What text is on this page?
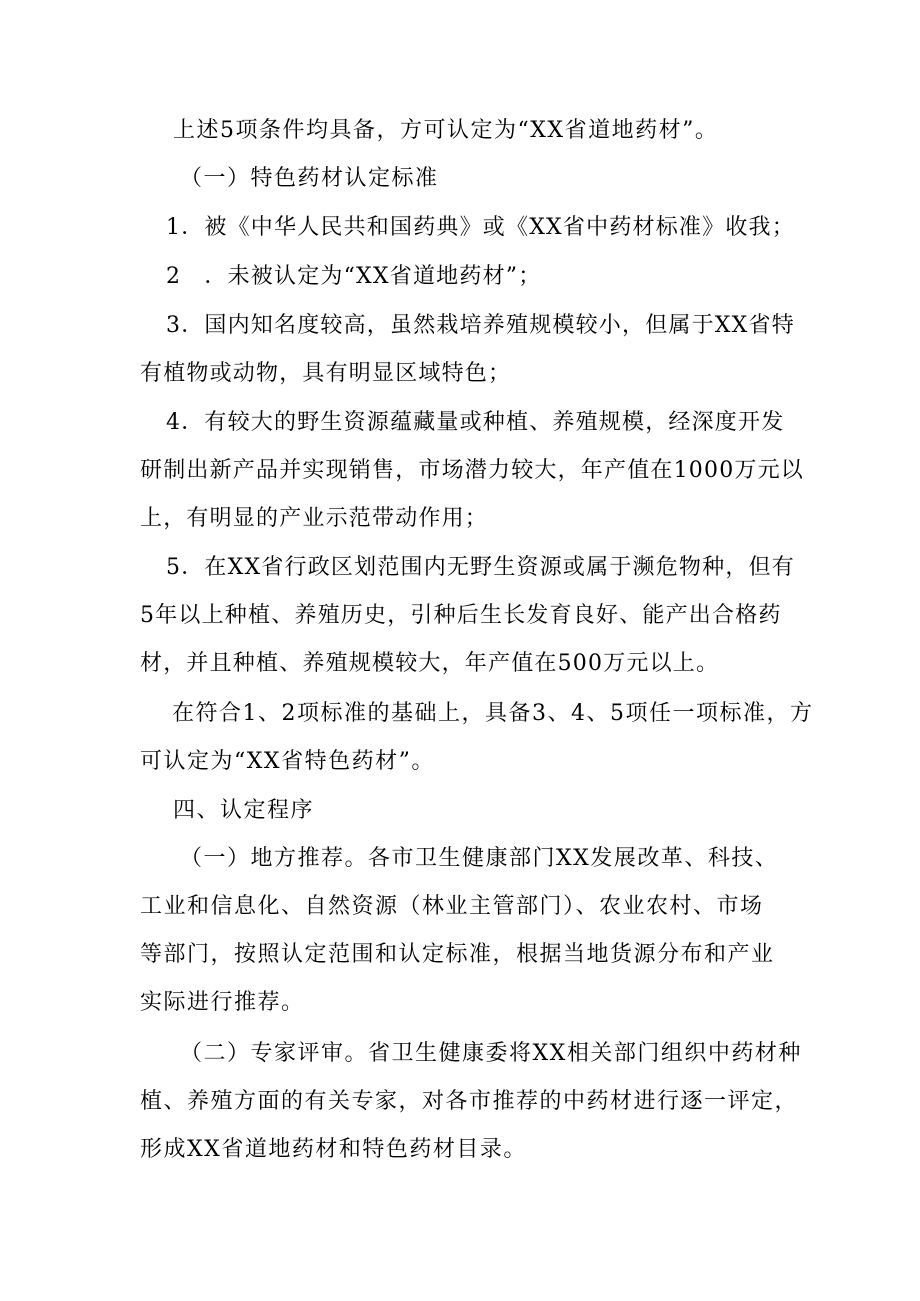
上述5项条件均具备，方可认定为“XX省道地药材”。

（一）特色药材认定标准

1．被《中华人民共和国药典》或《XX省中药材标准》收我；

2　．未被认定为“XX省道地药材”；

3．国内知名度较高，虽然栽培养殖规模较小，但属于XX省特
有植物或动物，具有明显区域特色；

4．有较大的野生资源蕴藏量或种植、养殖规模，经深度开发
研制出新产品并实现销售，市场潜力较大，年产值在1000万元以
上，有明显的产业示范带动作用；

5．在XX省行政区划范围内无野生资源或属于濒危物种，但有
5年以上种植、养殖历史，引种后生长发育良好、能产出合格药
材，并且种植、养殖规模较大，年产值在500万元以上。

在符合1、2项标准的基础上，具备3、4、5项任一项标准，方
可认定为“XX省特色药材”。

四、认定程序

（一）地方推荐。各市卫生健康部门XX发展改革、科技、
工业和信息化、自然资源（林业主管部门）、农业农村、市场
等部门，按照认定范围和认定标准，根据当地货源分布和产业
实际进行推荐。

（二）专家评审。省卫生健康委将XX相关部门组织中药材种
植、养殖方面的有关专家，对各市推荐的中药材进行逐一评定，
形成XX省道地药材和特色药材目录。
